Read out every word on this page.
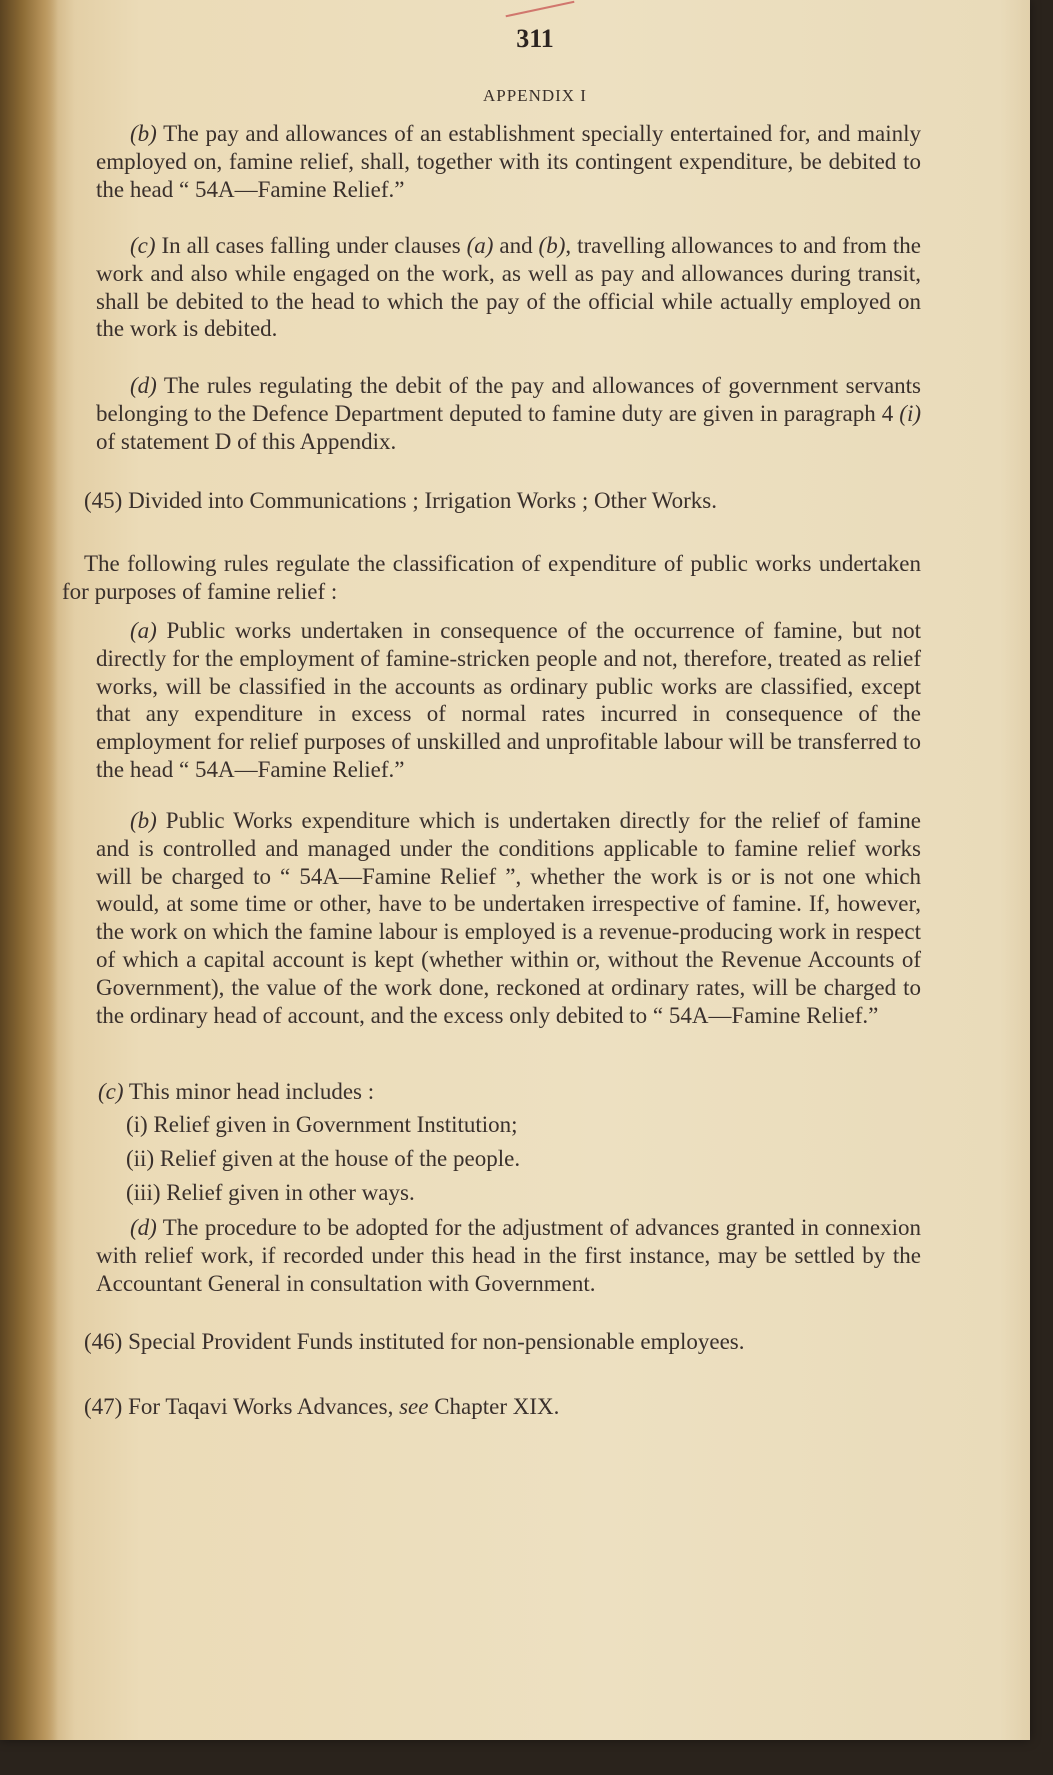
311
APPENDIX I

(b) The pay and allowances of an establishment specially entertained for, and mainly employed on, famine relief, shall, together with its contingent expenditure, be debited to the head “ 54A—Famine Relief.”

(c) In all cases falling under clauses (a) and (b), travelling allowances to and from the work and also while engaged on the work, as well as pay and allowances during transit, shall be debited to the head to which the pay of the official while actually employed on the work is debited.

(d) The rules regulating the debit of the pay and allowances of government servants belonging to the Defence Department deputed to famine duty are given in paragraph 4 (i) of statement D of this Appendix.

(45) Divided into Communications ; Irrigation Works ; Other Works.

The following rules regulate the classification of expenditure of public works undertaken for purposes of famine relief :

(a) Public works undertaken in consequence of the occurrence of famine, but not directly for the employment of famine-stricken people and not, therefore, treated as relief works, will be classified in the accounts as ordinary public works are classified, except that any expenditure in excess of normal rates incurred in consequence of the employment for relief purposes of unskilled and unprofitable labour will be transferred to the head “ 54A—Famine Relief.”

(b) Public Works expenditure which is undertaken directly for the relief of famine and is controlled and managed under the conditions applicable to famine relief works will be charged to “ 54A—Famine Relief ”, whether the work is or is not one which would, at some time or other, have to be undertaken irrespective of famine. If, however, the work on which the famine labour is employed is a revenue-producing work in respect of which a capital account is kept (whether within or, without the Revenue Accounts of Government), the value of the work done, reckoned at ordinary rates, will be charged to the ordinary head of account, and the excess only debited to “ 54A—Famine Relief.”

(c) This minor head includes :

(i) Relief given in Government Institution;
(ii) Relief given at the house of the people.
(iii) Relief given in other ways.

(d) The procedure to be adopted for the adjustment of advances granted in connexion with relief work, if recorded under this head in the first instance, may be settled by the Accountant General in consultation with Government.

(46) Special Provident Funds instituted for non-pensionable employees.

(47) For Taqavi Works Advances, see Chapter XIX.
